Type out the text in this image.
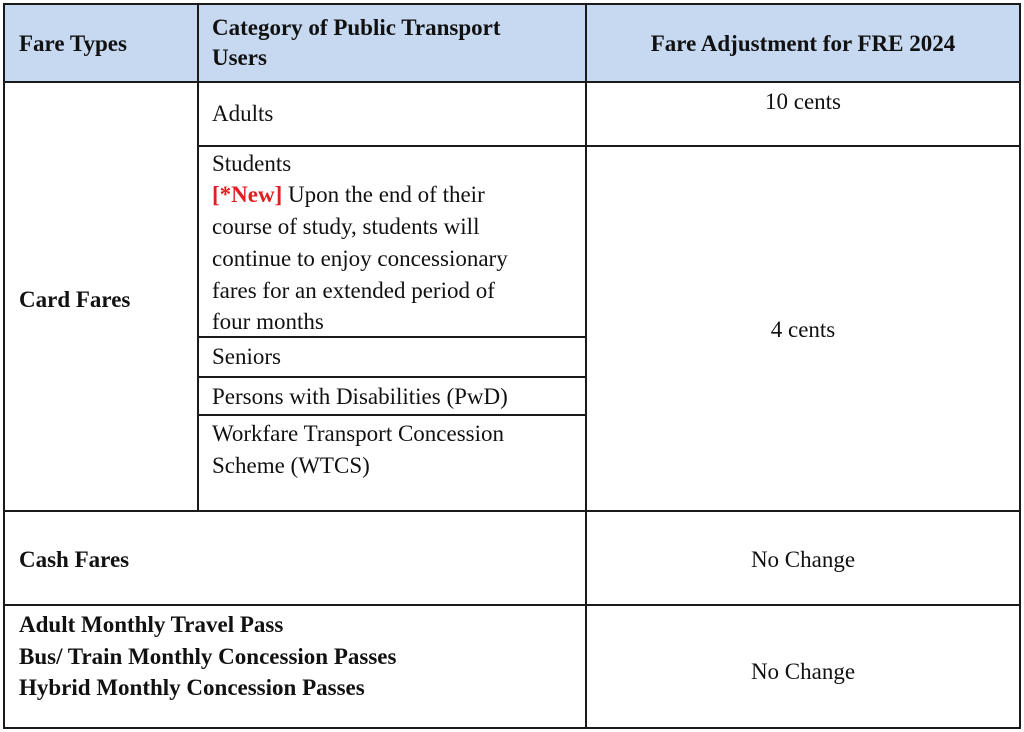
Fare Types
Category of Public Transport
Users
Fare Adjustment for FRE 2024
Card Fares
Adults	10 cents
Students
[*New] Upon the end of their
course of study, students will
continue to enjoy concessionary
fares for an extended period of
four months
Seniors
Persons with Disabilities (PwD)
Workfare Transport Concession
Scheme (WTCS)
4 cents
Cash Fares	No Change
Adult Monthly Travel Pass
Bus/ Train Monthly Concession Passes
Hybrid Monthly Concession Passes
No Change
